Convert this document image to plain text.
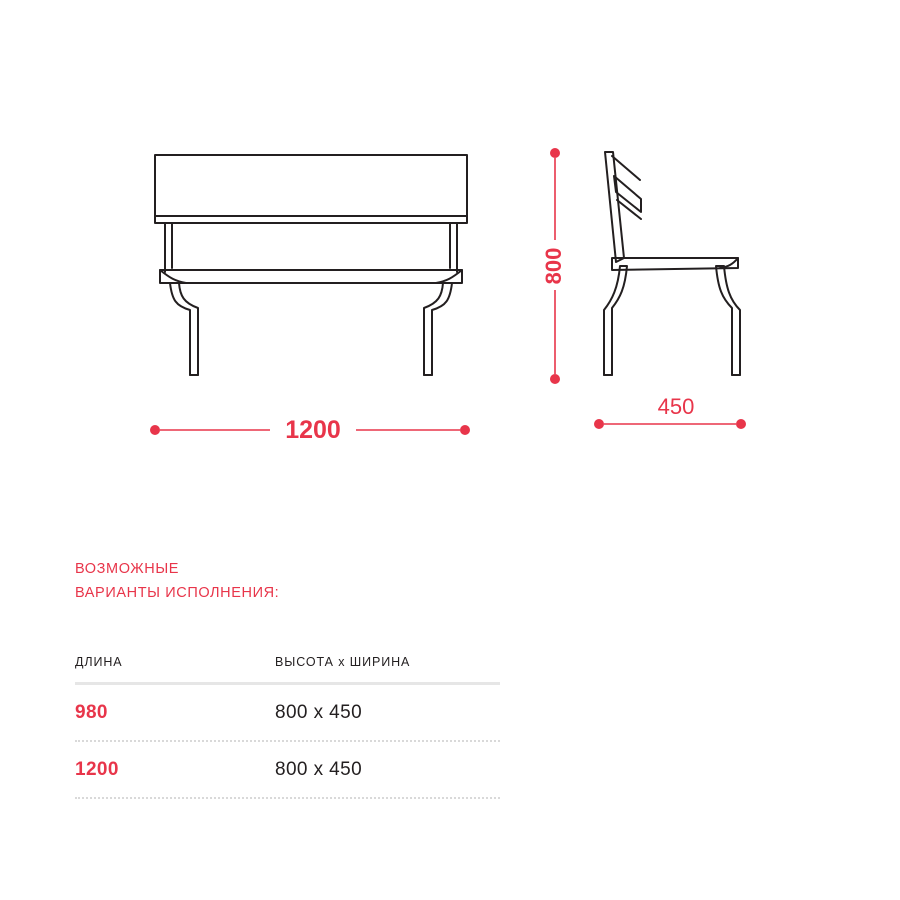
800
1200
450
ВОЗМОЖНЫЕ
ВАРИАНТЫ ИСПОЛНЕНИЯ:
ДЛИНА	ВЫСОТА х ШИРИНА
980	800 х 450
1200	800 х 450
